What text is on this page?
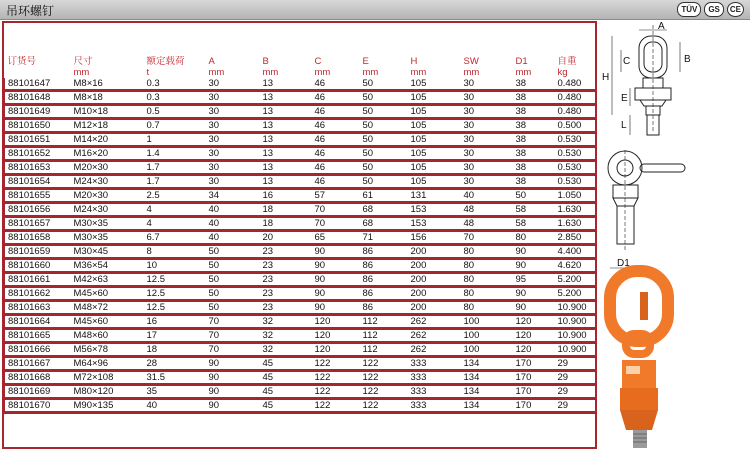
吊环螺钉	TÜV	GS	CE
订货号	尺寸	额定载荷	A	B	C	E	H	SW	D1	自重
	mm	t	mm	mm	mm	mm	mm	mm	mm	kg
88101647	M8×16	0.3	30	13	46	50	105	30	38	0.480
88101648	M8×18	0.3	30	13	46	50	105	30	38	0.480
88101649	M10×18	0.5	30	13	46	50	105	30	38	0.480
88101650	M12×18	0.7	30	13	46	50	105	30	38	0.500
88101651	M14×20	1	30	13	46	50	105	30	38	0.530
88101652	M16×20	1.4	30	13	46	50	105	30	38	0.530
88101653	M20×30	1.7	30	13	46	50	105	30	38	0.530
88101654	M24×30	1.7	30	13	46	50	105	30	38	0.530
88101655	M20×30	2.5	34	16	57	61	131	40	50	1.050
88101656	M24×30	4	40	18	70	68	153	48	58	1.630
88101657	M30×35	4	40	18	70	68	153	48	58	1.630
88101658	M30×35	6.7	40	20	65	71	156	70	80	2.850
88101659	M30×45	8	50	23	90	86	200	80	90	4.400
88101660	M36×54	10	50	23	90	86	200	80	90	4.620
88101661	M42×63	12.5	50	23	90	86	200	80	95	5.200
88101662	M45×60	12.5	50	23	90	86	200	80	90	5.200
88101663	M48×72	12.5	50	23	90	86	200	80	90	10.900
88101664	M45×60	16	70	32	120	112	262	100	120	10.900
88101665	M48×60	17	70	32	120	112	262	100	120	10.900
88101666	M56×78	18	70	32	120	112	262	100	120	10.900
88101667	M64×96	28	90	45	122	122	333	134	170	29
88101668	M72×108	31.5	90	45	122	122	333	134	170	29
88101669	M80×120	35	90	45	122	122	333	134	170	29
88101670	M90×135	40	90	45	122	122	333	134	170	29
A
B
C
H
E
L
D1
